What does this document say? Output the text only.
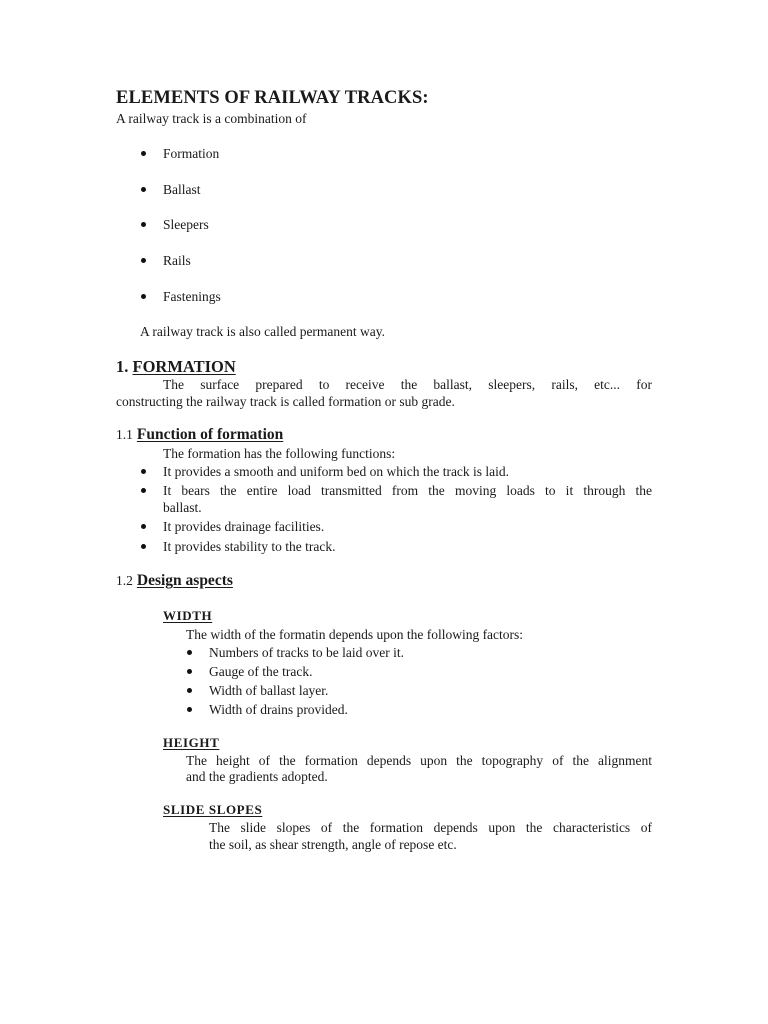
ELEMENTS OF RAILWAY TRACKS:
A railway track is a combination of
Formation
Ballast
Sleepers
Rails
Fastenings
A railway track is also called permanent way.
1. FORMATION
The surface prepared to receive the ballast, sleepers, rails, etc... for
constructing the railway track is called formation or sub grade.
1.1 Function of formation
The formation has the following functions:
It provides a smooth and uniform bed on which the track is laid.
It bears the entire load transmitted from the moving loads to it through the
ballast.
It provides drainage facilities.
It provides stability to the track.
1.2 Design aspects
WIDTH
The width of the formatin depends upon the following factors:
Numbers of tracks to be laid over it.
Gauge of the track.
Width of ballast layer.
Width of drains provided.
HEIGHT
The height of the formation depends upon the topography of the alignment
and the gradients adopted.
SLIDE SLOPES
The slide slopes of the formation depends upon the characteristics of
the soil, as shear strength, angle of repose etc.
